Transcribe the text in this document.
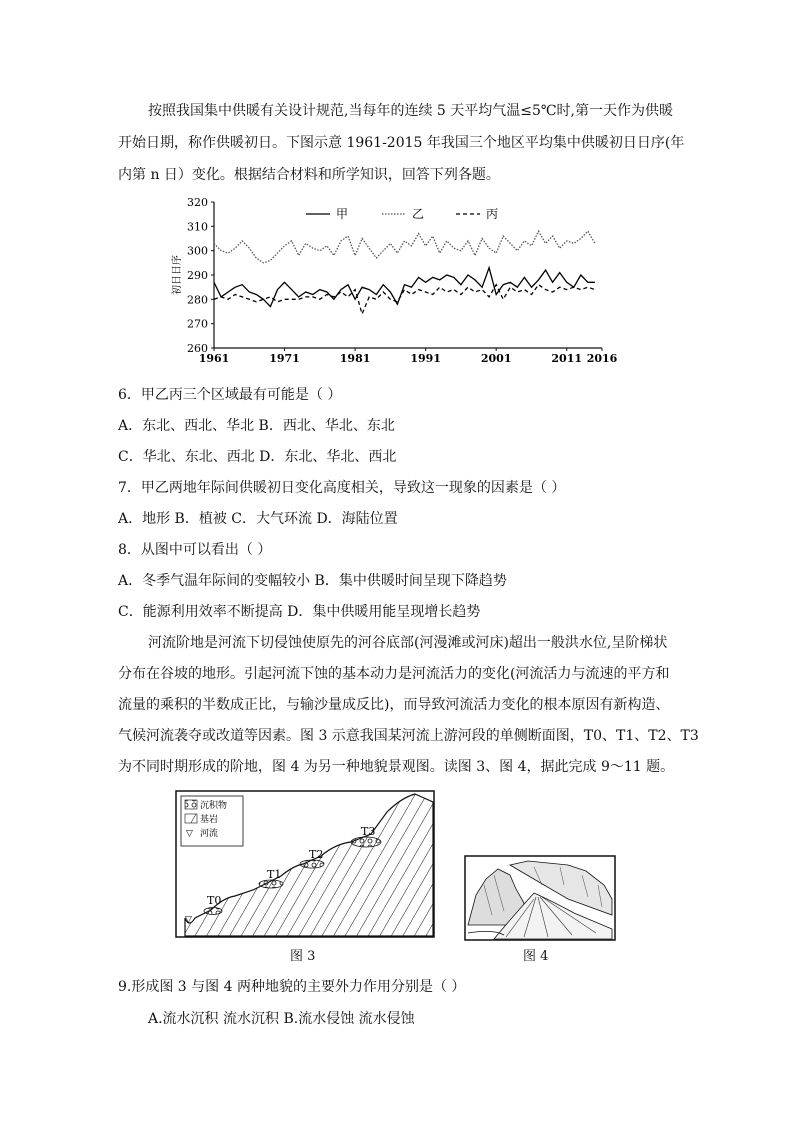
按照我国集中供暖有关设计规范,当每年的连续 5 天平均气温≤5℃时,第一天作为供暖
开始日期，称作供暖初日。下图示意 1961-2015 年我国三个地区平均集中供暖初日日序(年
内第 n 日）变化。根据结合材料和所学知识，回答下列各题。
260
270
280
290
300
310
320
1961	1971	1981	1991	2001	2011 2016
初日日序
甲	乙	丙
6．甲乙丙三个区域最有可能是（ ）
A．东北、西北、华北 B．西北、华北、东北
C．华北、东北、西北 D．东北、华北、西北
7．甲乙两地年际间供暖初日变化高度相关，导致这一现象的因素是（ ）
A．地形 B．植被 C．大气环流 D．海陆位置
8．从图中可以看出（ ）
A．冬季气温年际间的变幅较小 B．集中供暖时间呈现下降趋势
C．能源利用效率不断提高 D．集中供暖用能呈现增长趋势
河流阶地是河流下切侵蚀使原先的河谷底部(河漫滩或河床)超出一般洪水位,呈阶梯状
分布在谷坡的地形。引起河流下蚀的基本动力是河流活力的变化(河流活力与流速的平方和
流量的乘积的半数成正比，与输沙量成反比)，而导致河流活力变化的根本原因有新构造、
气候河流袭夺或改道等因素。图 3 示意我国某河流上游河段的单侧断面图，T0、T1、T2、T3
为不同时期形成的阶地，图 4 为另一种地貌景观图。读图 3、图 4，据此完成 9～11 题。
▽
T0
T1
T2
T3
沉积物
基岩
▽ 河流
图 3	图 4
9.形成图 3 与图 4 两种地貌的主要外力作用分别是（ ）
A.流水沉积 流水沉积 B.流水侵蚀 流水侵蚀
